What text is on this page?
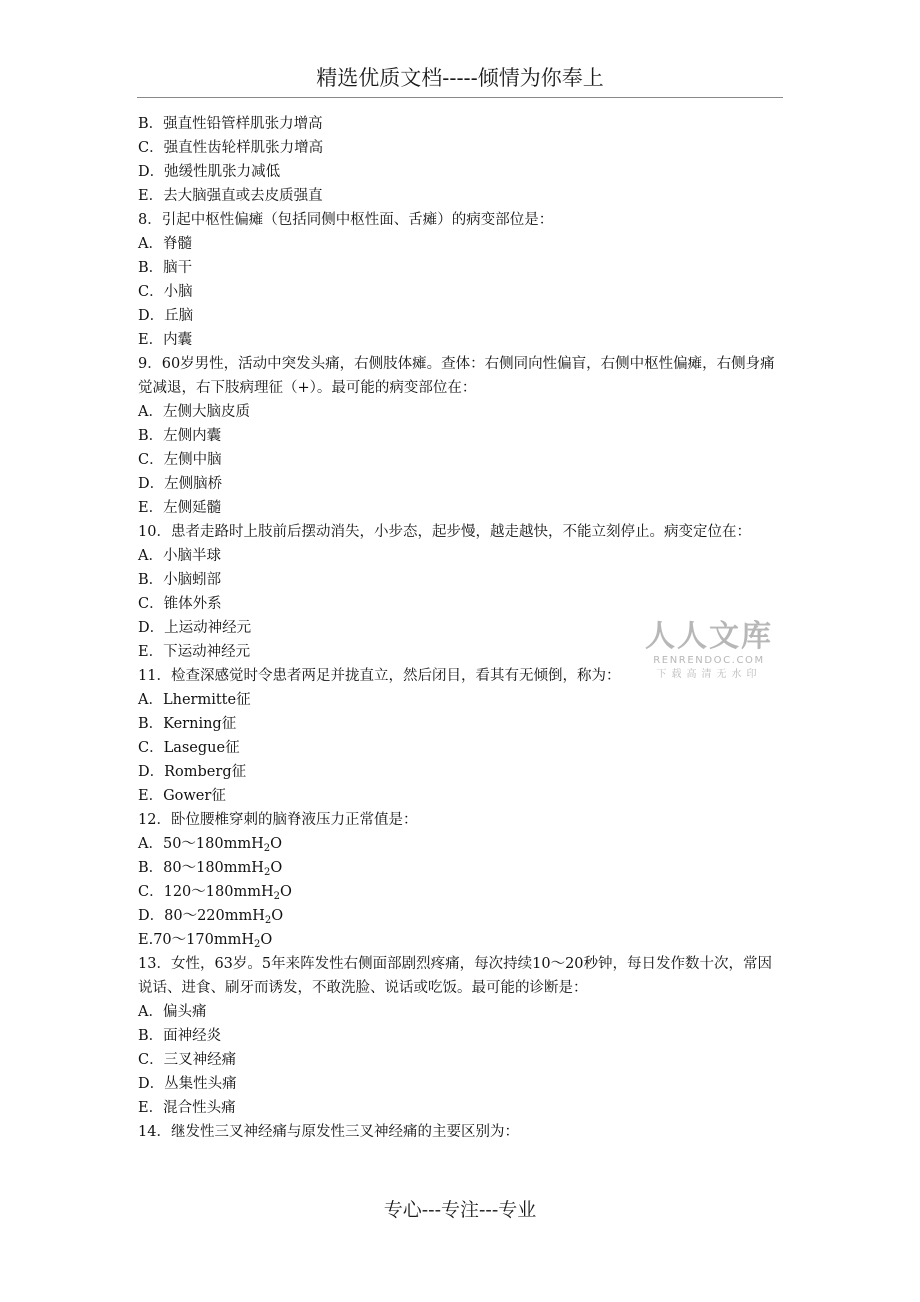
精选优质文档-----倾情为你奉上

B．强直性铅管样肌张力增高

C．强直性齿轮样肌张力增高

D．弛缓性肌张力减低

E．去大脑强直或去皮质强直

8．引起中枢性偏瘫（包括同侧中枢性面、舌瘫）的病变部位是：

A．脊髓

B．脑干

C．小脑

D．丘脑

E．内囊

9．60岁男性，活动中突发头痛，右侧肢体瘫。查体：右侧同向性偏盲，右侧中枢性偏瘫，右侧身痛觉减退，右下肢病理征（+）。最可能的病变部位在：

A．左侧大脑皮质

B．左侧内囊

C．左侧中脑

D．左侧脑桥

E．左侧延髓

10．患者走路时上肢前后摆动消失，小步态，起步慢，越走越快，不能立刻停止。病变定位在：

A．小脑半球

B．小脑蚓部

C．锥体外系

D．上运动神经元

E．下运动神经元

11．检查深感觉时令患者两足并拢直立，然后闭目，看其有无倾倒，称为：

A．Lhermitte征

B．Kerning征

C．Lasegue征

D．Romberg征

E．Gower征

12．卧位腰椎穿刺的脑脊液压力正常值是：

A．50～180mmH$_2$O

B．80～180mmH$_2$O

C．120～180mmH$_2$O

D．80～220mmH$_2$O

E.70～170mmH$_2$O

13．女性，63岁。5年来阵发性右侧面部剧烈疼痛，每次持续10～20秒钟，每日发作数十次，常因说话、进食、刷牙而诱发，不敢洗脸、说话或吃饭。最可能的诊断是：

A．偏头痛

B．面神经炎

C．三叉神经痛

D．丛集性头痛

E．混合性头痛

14．继发性三叉神经痛与原发性三叉神经痛的主要区别为：

人人文库
RENRENDOC.COM
下载高清无水印
专心---专注---专业
